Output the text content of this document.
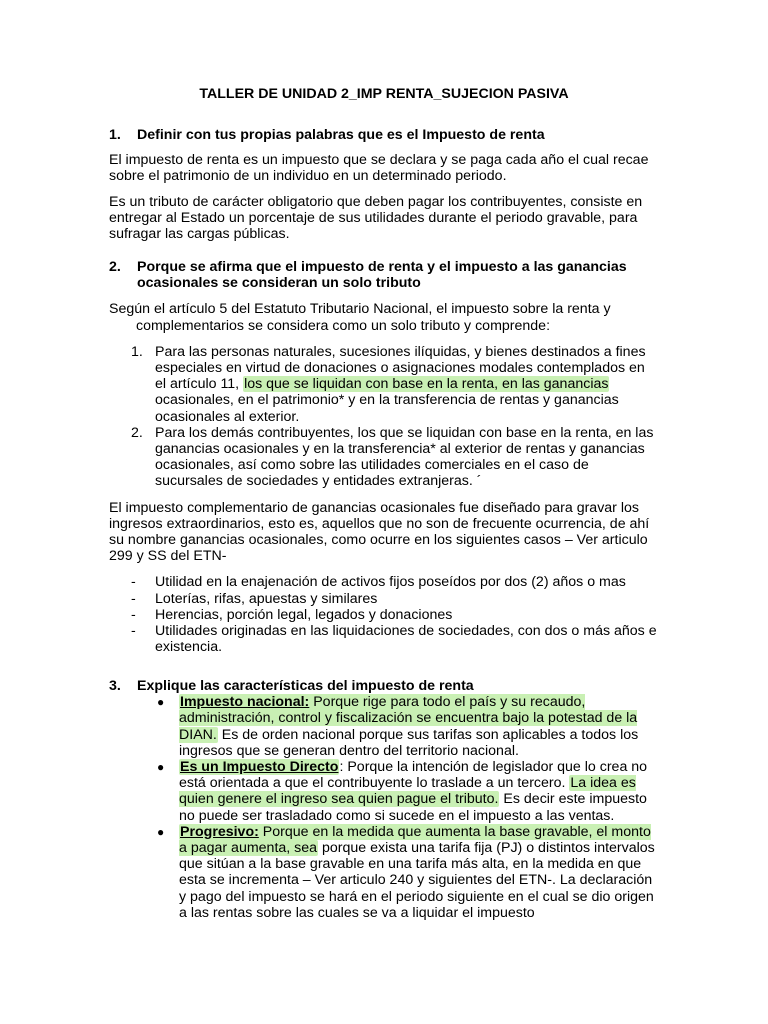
TALLER DE UNIDAD 2_IMP RENTA_SUJECION PASIVA
1. Definir con tus propias palabras que es el Impuesto de renta

El impuesto de renta es un impuesto que se declara y se paga cada año el cual recae sobre el patrimonio de un individuo en un determinado periodo.

Es un tributo de carácter obligatorio que deben pagar los contribuyentes, consiste en entregar al Estado un porcentaje de sus utilidades durante el periodo gravable, para sufragar las cargas públicas.

2. Porque se afirma que el impuesto de renta y el impuesto a las ganancias
ocasionales se consideran un solo tributo

Según el artículo 5 del Estatuto Tributario Nacional, el impuesto sobre la renta y complementarios se considera como un solo tributo y comprende:

1. Para las personas naturales, sucesiones ilíquidas, y bienes destinados a fines especiales en virtud de donaciones o asignaciones modales contemplados en el artículo 11, los que se liquidan con base en la renta, en las ganancias ocasionales, en el patrimonio* y en la transferencia de rentas y ganancias ocasionales al exterior.
2. Para los demás contribuyentes, los que se liquidan con base en la renta, en las ganancias ocasionales y en la transferencia* al exterior de rentas y ganancias ocasionales, así como sobre las utilidades comerciales en el caso de sucursales de sociedades y entidades extranjeras. ´

El impuesto complementario de ganancias ocasionales fue diseñado para gravar los ingresos extraordinarios, esto es, aquellos que no son de frecuente ocurrencia, de ahí su nombre ganancias ocasionales, como ocurre en los siguientes casos – Ver articulo 299 y SS del ETN-

- Utilidad en la enajenación de activos fijos poseídos por dos (2) años o mas
- Loterías, rifas, apuestas y similares
- Herencias, porción legal, legados y donaciones
- Utilidades originadas en las liquidaciones de sociedades, con dos o más años e existencia.
3. Explique las características del impuesto de renta
● Impuesto nacional: Porque rige para todo el país y su recaudo, administración, control y fiscalización se encuentra bajo la potestad de la DIAN. Es de orden nacional porque sus tarifas son aplicables a todos los ingresos que se generan dentro del territorio nacional.
● Es un Impuesto Directo: Porque la intención de legislador que lo crea no está orientada a que el contribuyente lo traslade a un tercero. La idea es quien genere el ingreso sea quien pague el tributo. Es decir este impuesto no puede ser trasladado como si sucede en el impuesto a las ventas.
● Progresivo: Porque en la medida que aumenta la base gravable, el monto a pagar aumenta, sea porque exista una tarifa fija (PJ) o distintos intervalos que sitúan a la base gravable en una tarifa más alta, en la medida en que esta se incrementa – Ver articulo 240 y siguientes del ETN-. La declaración y pago del impuesto se hará en el periodo siguiente en el cual se dio origen a las rentas sobre las cuales se va a liquidar el impuesto
